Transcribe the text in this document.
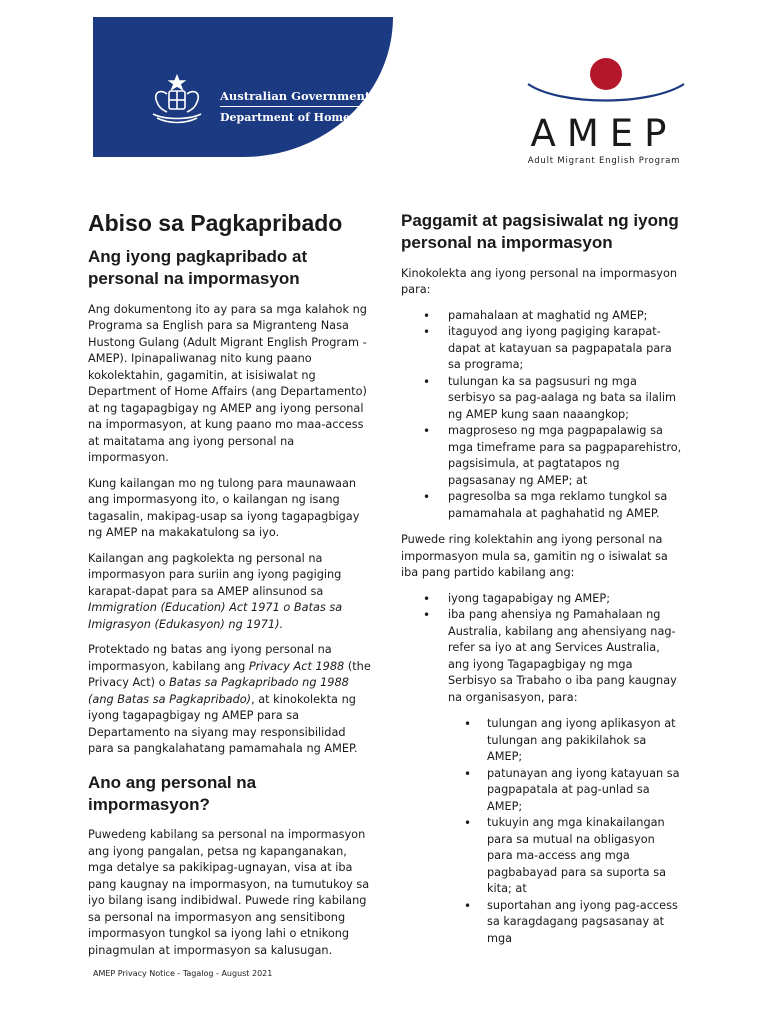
Australian Government
Department of Home Affairs	AMEP
Adult Migrant English Program
Abiso sa Pagkapribado
Ang iyong pagkapribado at personal na impormasyon

Ang dokumentong ito ay para sa mga kalahok ng Programa sa English para sa Migranteng Nasa Hustong Gulang (Adult Migrant English Program - AMEP). Ipinapaliwanag nito kung paano kokolektahin, gagamitin, at isisiwalat ng Department of Home Affairs (ang Departamento) at ng tagapagbigay ng AMEP ang iyong personal na impormasyon, at kung paano mo maa-access at maitatama ang iyong personal na impormasyon.

Kung kailangan mo ng tulong para maunawaan ang impormasyong ito, o kailangan ng isang tagasalin, makipag-usap sa iyong tagapagbigay ng AMEP na makakatulong sa iyo.

Kailangan ang pagkolekta ng personal na impormasyon para suriin ang iyong pagiging karapat-dapat para sa AMEP alinsunod sa Immigration (Education) Act 1971 o Batas sa Imigrasyon (Edukasyon) ng 1971).

Protektado ng batas ang iyong personal na impormasyon, kabilang ang Privacy Act 1988 (the Privacy Act) o Batas sa Pagkapribado ng 1988 (ang Batas sa Pagkapribado), at kinokolekta ng iyong tagapagbigay ng AMEP para sa Departamento na siyang may responsibilidad para sa pangkalahatang pamamahala ng AMEP.

Ano ang personal na impormasyon?

Puwedeng kabilang sa personal na impormasyon ang iyong pangalan, petsa ng kapanganakan, mga detalye sa pakikipag-ugnayan, visa at iba pang kaugnay na impormasyon, na tumutukoy sa iyo bilang isang indibidwal. Puwede ring kabilang sa personal na impormasyon ang sensitibong impormasyon tungkol sa iyong lahi o etnikong pinagmulan at impormasyon sa kalusugan.

Paggamit at pagsisiwalat ng iyong personal na impormasyon

Kinokolekta ang iyong personal na impormasyon para:

• pamahalaan at maghatid ng AMEP;
• itaguyod ang iyong pagiging karapat-dapat at katayuan sa pagpapatala para sa programa;
• tulungan ka sa pagsusuri ng mga serbisyo sa pag-aalaga ng bata sa ilalim ng AMEP kung saan naaangkop;
• magproseso ng mga pagpapalawig sa mga timeframe para sa pagpaparehistro, pagsisimula, at pagtatapos ng pagsasanay ng AMEP; at
• pagresolba sa mga reklamo tungkol sa pamamahala at paghahatid ng AMEP.

Puwede ring kolektahin ang iyong personal na impormasyon mula sa, gamitin ng o isiwalat sa iba pang partido kabilang ang:

• iyong tagapabigay ng AMEP;
• iba pang ahensiya ng Pamahalaan ng Australia, kabilang ang ahensiyang nag-refer sa iyo at ang Services Australia, ang iyong Tagapagbigay ng mga Serbisyo sa Trabaho o iba pang kaugnay na organisasyon, para:
• tulungan ang iyong aplikasyon at tulungan ang pakikilahok sa AMEP;
• patunayan ang iyong katayuan sa pagpapatala at pag-unlad sa AMEP;
• tukuyin ang mga kinakailangan para sa mutual na obligasyon para ma-access ang mga pagbabayad para sa suporta sa kita; at
• suportahan ang iyong pag-access sa karagdagang pagsasanay at mga
AMEP Privacy Notice - Tagalog - August 2021
